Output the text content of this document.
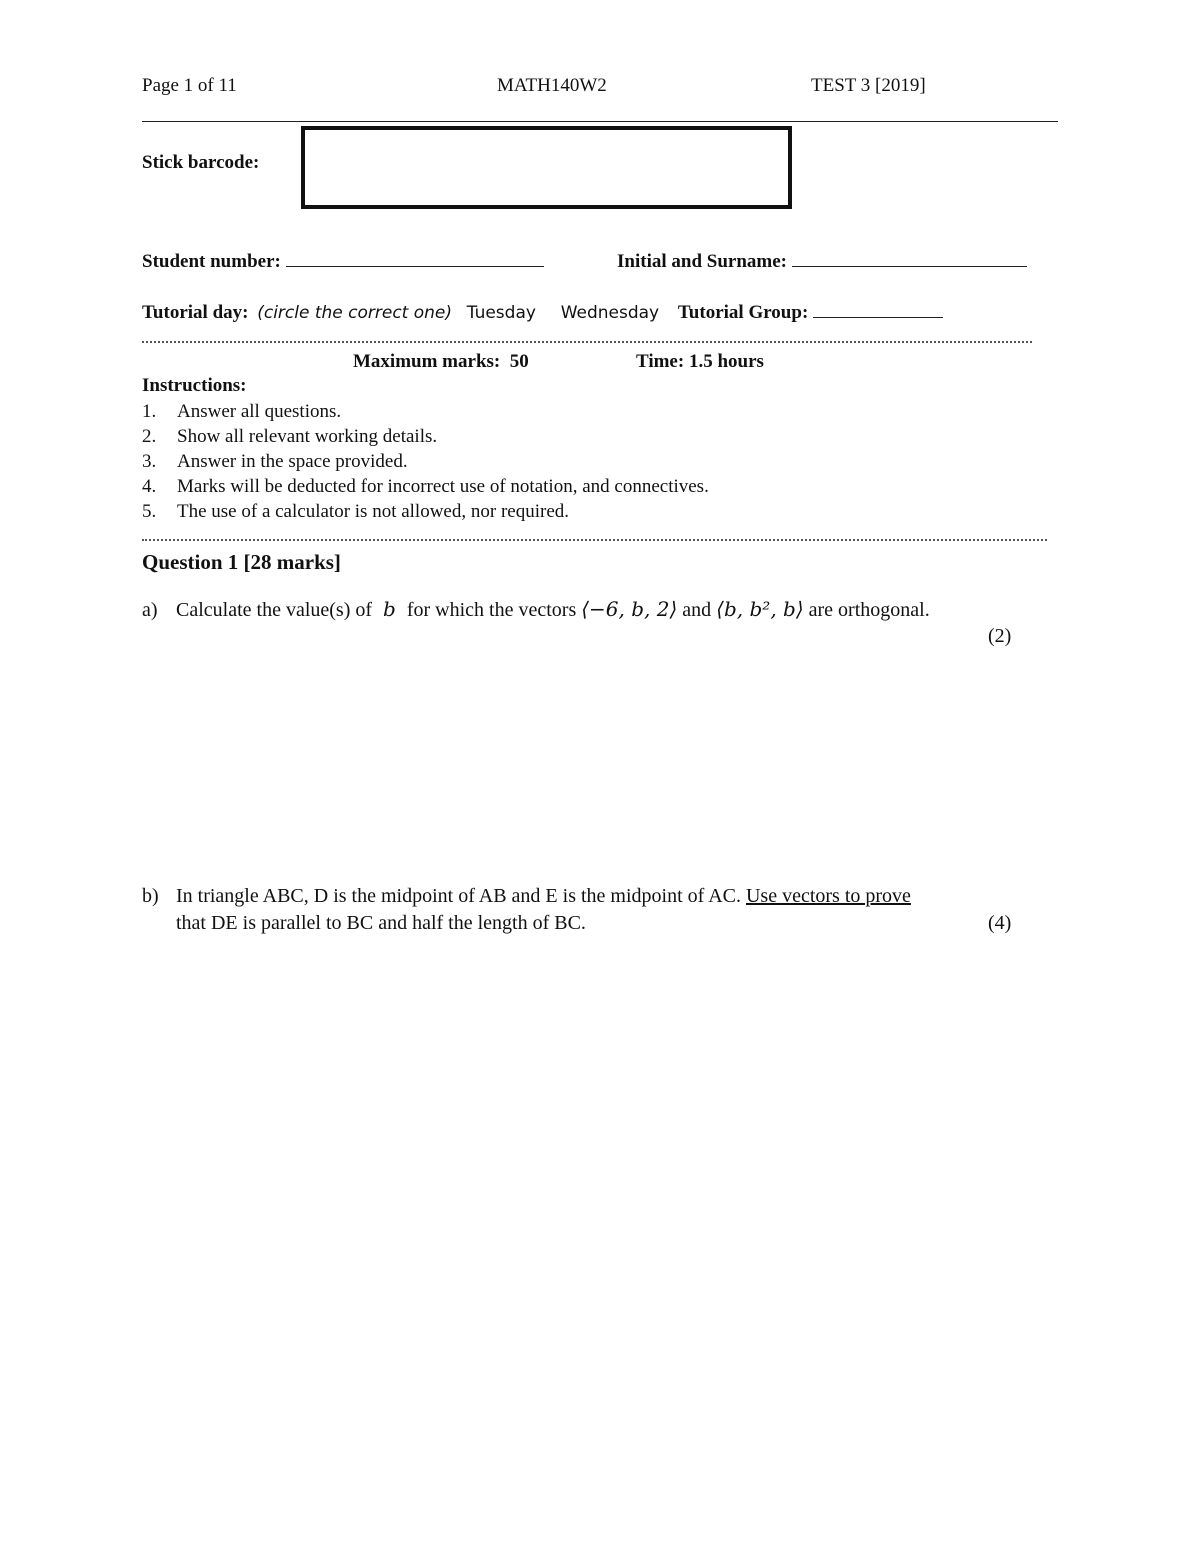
Page 1 of 11	MATH140W2	TEST 3 [2019]
Stick barcode:
Student number:	Initial and Surname:
Tutorial day: (circle the correct one) Tuesday Wednesday Tutorial Group:
Maximum marks: 50	Time: 1.5 hours
Instructions:
1. Answer all questions.
2. Show all relevant working details.
3. Answer in the space provided.
4. Marks will be deducted for incorrect use of notation, and connectives.
5. The use of a calculator is not allowed, nor required.
Question 1 [28 marks]
a) Calculate the value(s) of b for which the vectors ⟨−6, b, 2⟩ and ⟨b, b², b⟩ are orthogonal.
(2)
b) In triangle ABC, D is the midpoint of AB and E is the midpoint of AC. Use vectors to prove
that DE is parallel to BC and half the length of BC.	(4)
